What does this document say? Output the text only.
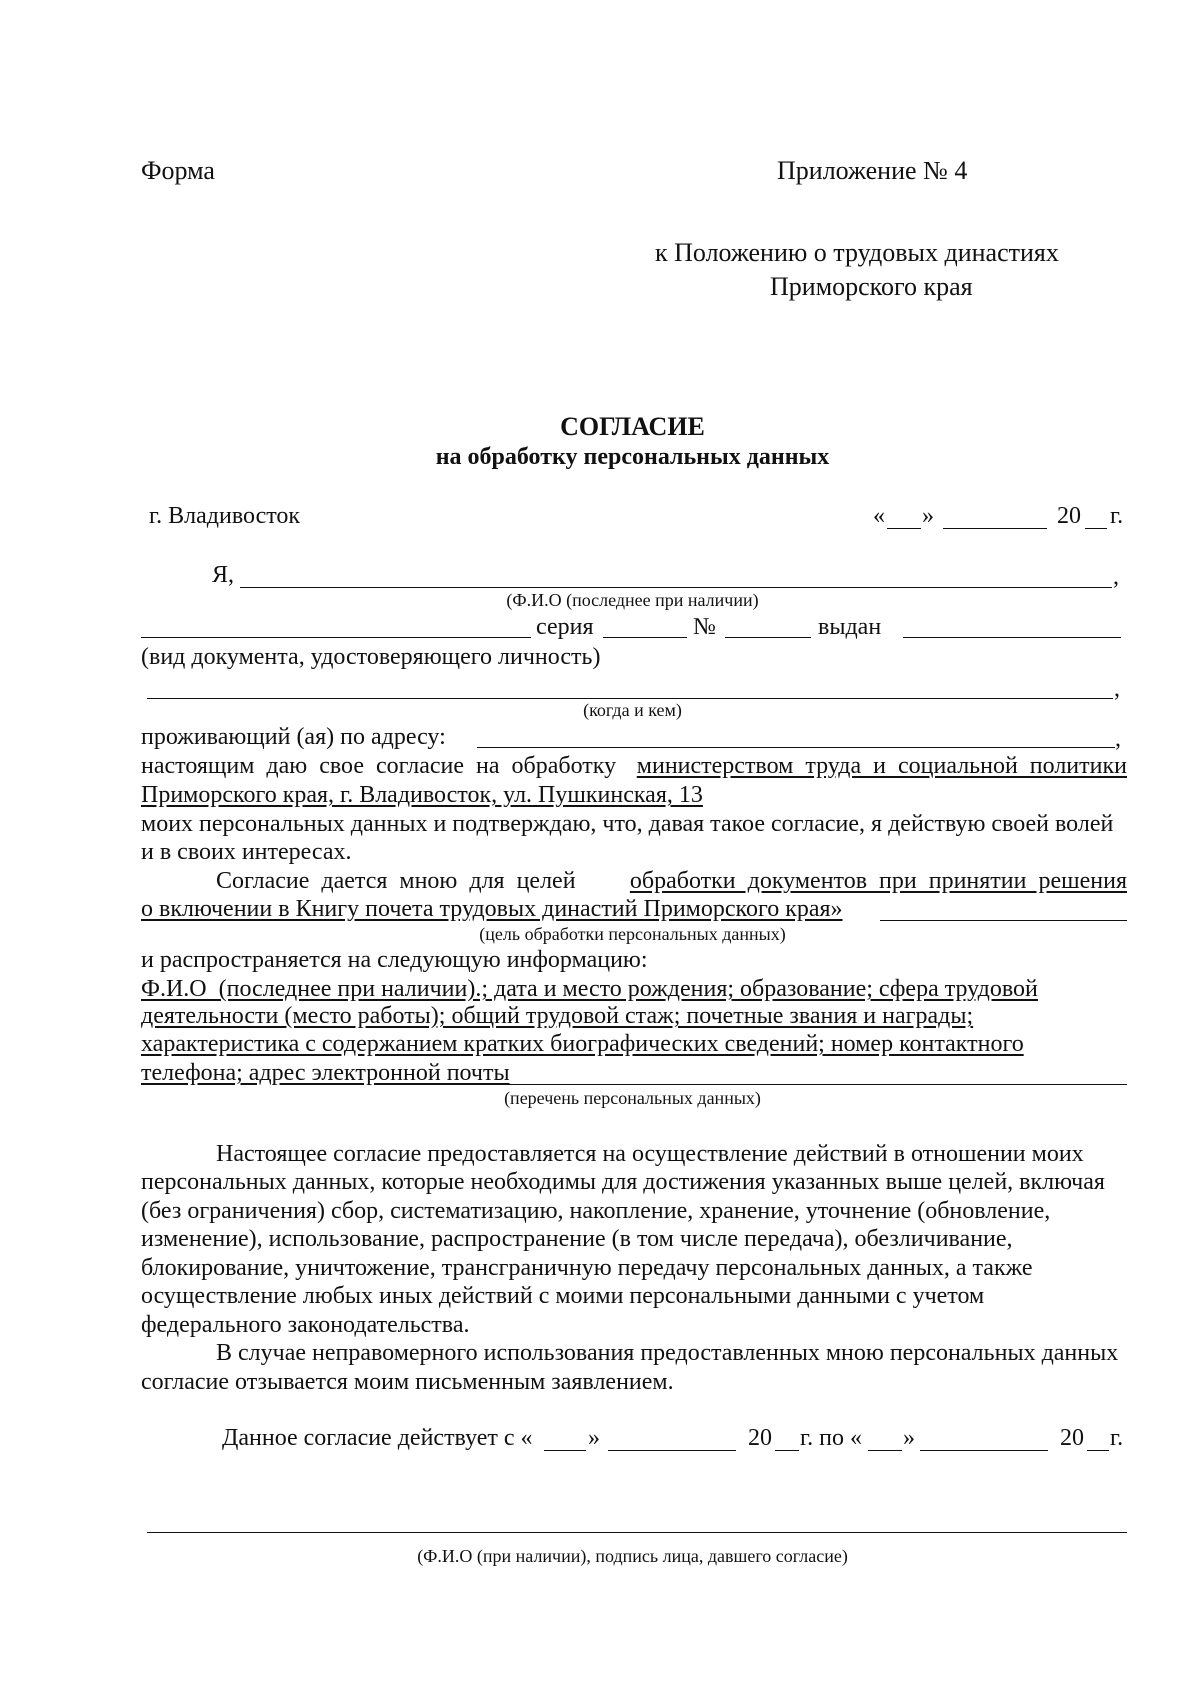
Форма	Приложение № 4
к Положению о трудовых династиях
Приморского края
СОГЛАСИЕ
на обработку персональных данных
г. Владивосток	« »	20 г.
Я,	,
(Ф.И.О (последнее при наличии)
серия	№	выдан
(вид документа, удостоверяющего личность)
,
(когда и кем)
проживающий (ая) по адресу:	,
настоящим  даю  свое  согласие  на  обработку министерством  труда  и  социальной  политики
Приморского края, г. Владивосток, ул. Пушкинская, 13
моих персональных данных и подтверждаю, что, давая такое согласие, я действую своей волей
и в своих интересах.
Согласие  дается  мною  для  целей обработки  документов  при  принятии  решения
о включении в Книгу почета трудовых династий Приморского края»
(цель обработки персональных данных)
и распространяется на следующую информацию:
Ф.И.О  (последнее при наличии).; дата и место рождения; образование; сфера трудовой
деятельности (место работы); общий трудовой стаж; почетные звания и награды;
характеристика с содержанием кратких биографических сведений; номер контактного
телефона; адрес электронной почты
(перечень персональных данных)
Настоящее согласие предоставляется на осуществление действий в отношении моих
персональных данных, которые необходимы для достижения указанных выше целей, включая
(без ограничения) сбор, систематизацию, накопление, хранение, уточнение (обновление,
изменение), использование, распространение (в том числе передача), обезличивание,
блокирование, уничтожение, трансграничную передачу персональных данных, а также
осуществление любых иных действий с моими персональными данными с учетом
федерального законодательства.
В случае неправомерного использования предоставленных мною персональных данных
согласие отзывается моим письменным заявлением.
Данное согласие действует с « »	20 г. по « »	20 г.
(Ф.И.О (при наличии), подпись лица, давшего согласие)
